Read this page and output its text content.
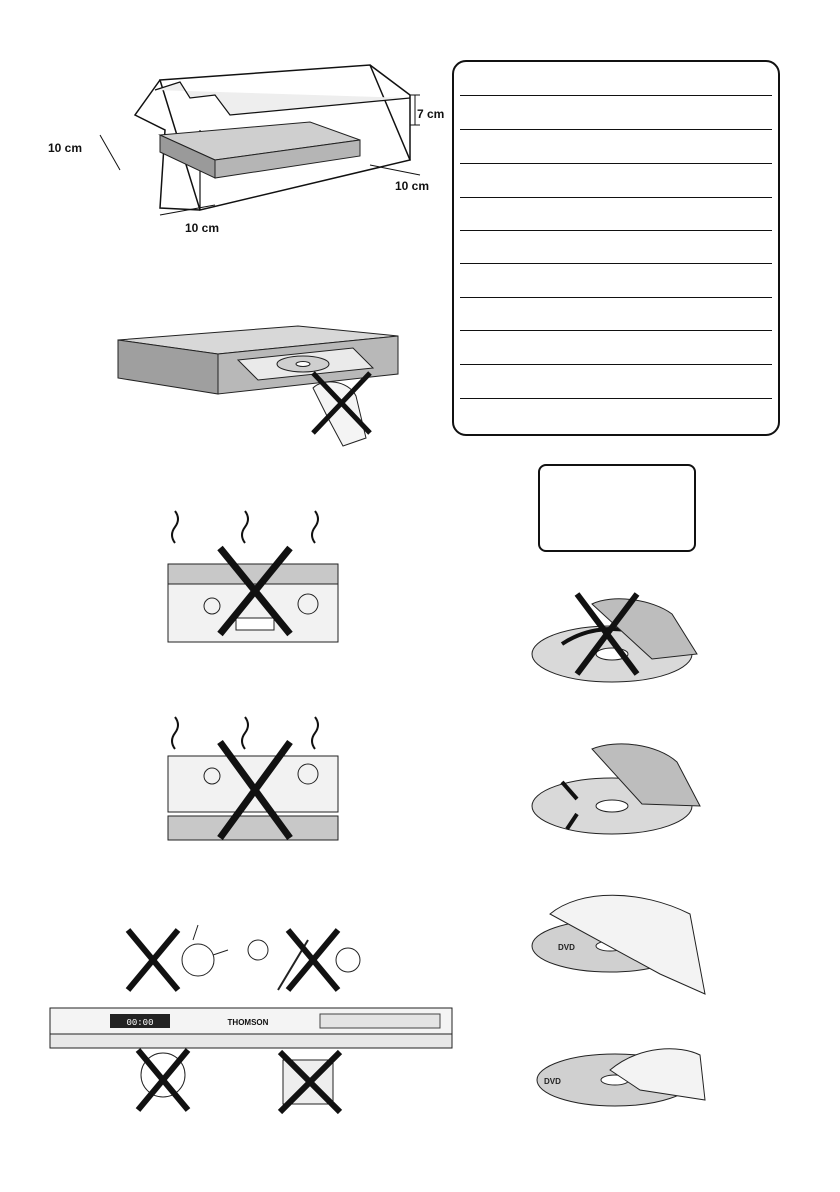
7 cm
10 cm
10 cm
10 cm
00:00	THOMSON
DVD
DVD
